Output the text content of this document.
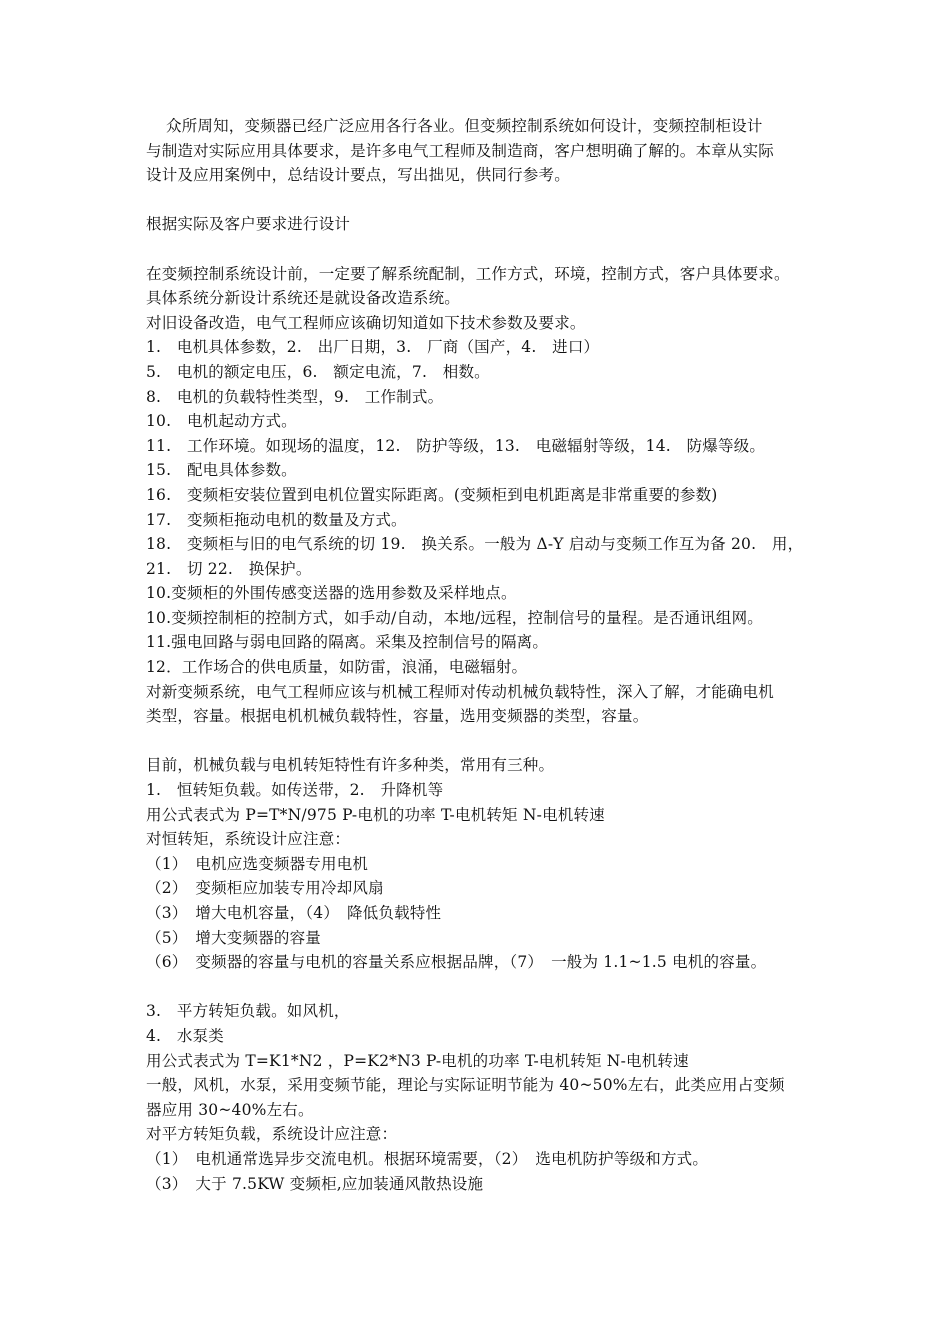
众所周知，变频器已经广泛应用各行各业。但变频控制系统如何设计，变频控制柜设计
与制造对实际应用具体要求，是许多电气工程师及制造商，客户想明确了解的。本章从实际
设计及应用案例中，总结设计要点，写出拙见，供同行参考。
根据实际及客户要求进行设计
在变频控制系统设计前，一定要了解系统配制，工作方式，环境，控制方式，客户具体要求。
具体系统分新设计系统还是就设备改造系统。
对旧设备改造，电气工程师应该确切知道如下技术参数及要求。
1.　电机具体参数，2.　出厂日期，3.　厂商（国产，4.　进口）
5.　电机的额定电压，6.　额定电流，7.　相数。
8.　电机的负载特性类型，9.　工作制式。
10.　电机起动方式。
11.　工作环境。如现场的温度，12.　防护等级，13.　电磁辐射等级，14.　防爆等级。
15.　配电具体参数。
16.　变频柜安装位置到电机位置实际距离。(变频柜到电机距离是非常重要的参数)
17.　变频柜拖动电机的数量及方式。
18.　变频柜与旧的电气系统的切 19.　换关系。一般为 Δ-Y 启动与变频工作互为备 20.　用，
21.　切 22.　换保护。
10.变频柜的外围传感变送器的选用参数及采样地点。
10.变频控制柜的控制方式，如手动/自动，本地/远程，控制信号的量程。是否通讯组网。
11.强电回路与弱电回路的隔离。采集及控制信号的隔离。
12．工作场合的供电质量，如防雷，浪涌，电磁辐射。
对新变频系统，电气工程师应该与机械工程师对传动机械负载特性，深入了解，才能确电机
类型，容量。根据电机机械负载特性，容量，选用变频器的类型，容量。
目前，机械负载与电机转矩特性有许多种类，常用有三种。
1.　恒转矩负载。如传送带，2.　升降机等
用公式表式为 P=T*N/975 P-电机的功率 T-电机转矩 N-电机转速
对恒转矩，系统设计应注意：
（1）　电机应选变频器专用电机
（2）　变频柜应加装专用冷却风扇
（3）　增大电机容量，（4）　降低负载特性
（5）　增大变频器的容量
（6）　变频器的容量与电机的容量关系应根据品牌，（7）　一般为 1.1~1.5 电机的容量。
3.　平方转矩负载。如风机，
4.　水泵类
用公式表式为 T=K1*N2 ，P=K2*N3 P-电机的功率 T-电机转矩 N-电机转速
一般，风机，水泵，采用变频节能，理论与实际证明节能为 40~50%左右，此类应用占变频
器应用 30~40%左右。
对平方转矩负载，系统设计应注意：
（1）　电机通常选异步交流电机。根据环境需要，（2）　选电机防护等级和方式。
（3）　大于 7.5KW 变频柜,应加装通风散热设施
